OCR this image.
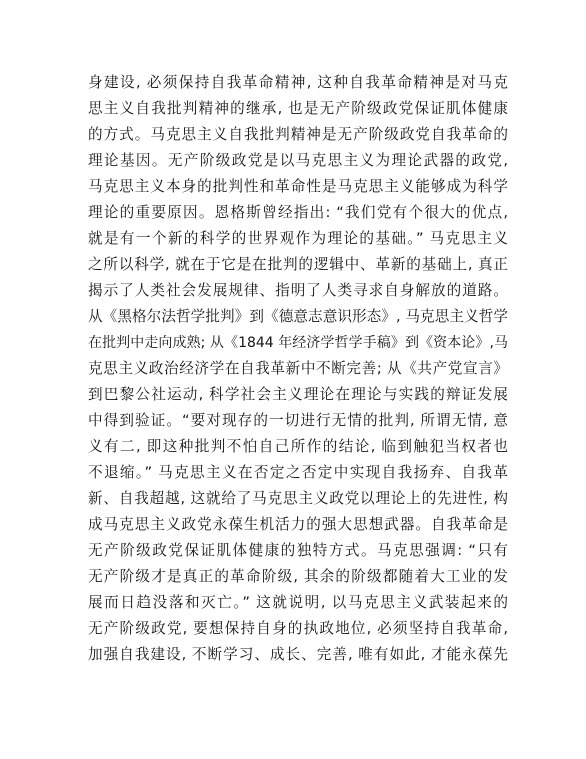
身建设, 必须保持自我革命精神, 这种自我革命精神是对马克
思主义自我批判精神的继承, 也是无产阶级政党保证肌体健康
的方式。马克思主义自我批判精神是无产阶级政党自我革命的
理论基因。无产阶级政党是以马克思主义为理论武器的政党,
马克思主义本身的批判性和革命性是马克思主义能够成为科学
理论的重要原因。恩格斯曾经指出: “我们党有个很大的优点,
就是有一个新的科学的世界观作为理论的基础。” 马克思主义
之所以科学, 就在于它是在批判的逻辑中、革新的基础上, 真正
揭示了人类社会发展规律、指明了人类寻求自身解放的道路。
从《黑格尔法哲学批判》到《德意志意识形态》, 马克思主义哲学
在批判中走向成熟; 从《1844 年经济学哲学手稿》到《资本论》,马
克思主义政治经济学在自我革新中不断完善; 从《共产党宣言》
到巴黎公社运动, 科学社会主义理论在理论与实践的辩证发展
中得到验证。“要对现存的一切进行无情的批判, 所谓无情, 意
义有二, 即这种批判不怕自己所作的结论, 临到触犯当权者也
不退缩。” 马克思主义在否定之否定中实现自我扬弃、自我革
新、自我超越, 这就给了马克思主义政党以理论上的先进性, 构
成马克思主义政党永葆生机活力的强大思想武器。自我革命是
无产阶级政党保证肌体健康的独特方式。马克思强调: “只有
无产阶级才是真正的革命阶级, 其余的阶级都随着大工业的发
展而日趋没落和灭亡。” 这就说明, 以马克思主义武装起来的
无产阶级政党, 要想保持自身的执政地位, 必须坚持自我革命,
加强自我建设, 不断学习、成长、完善, 唯有如此, 才能永葆先
